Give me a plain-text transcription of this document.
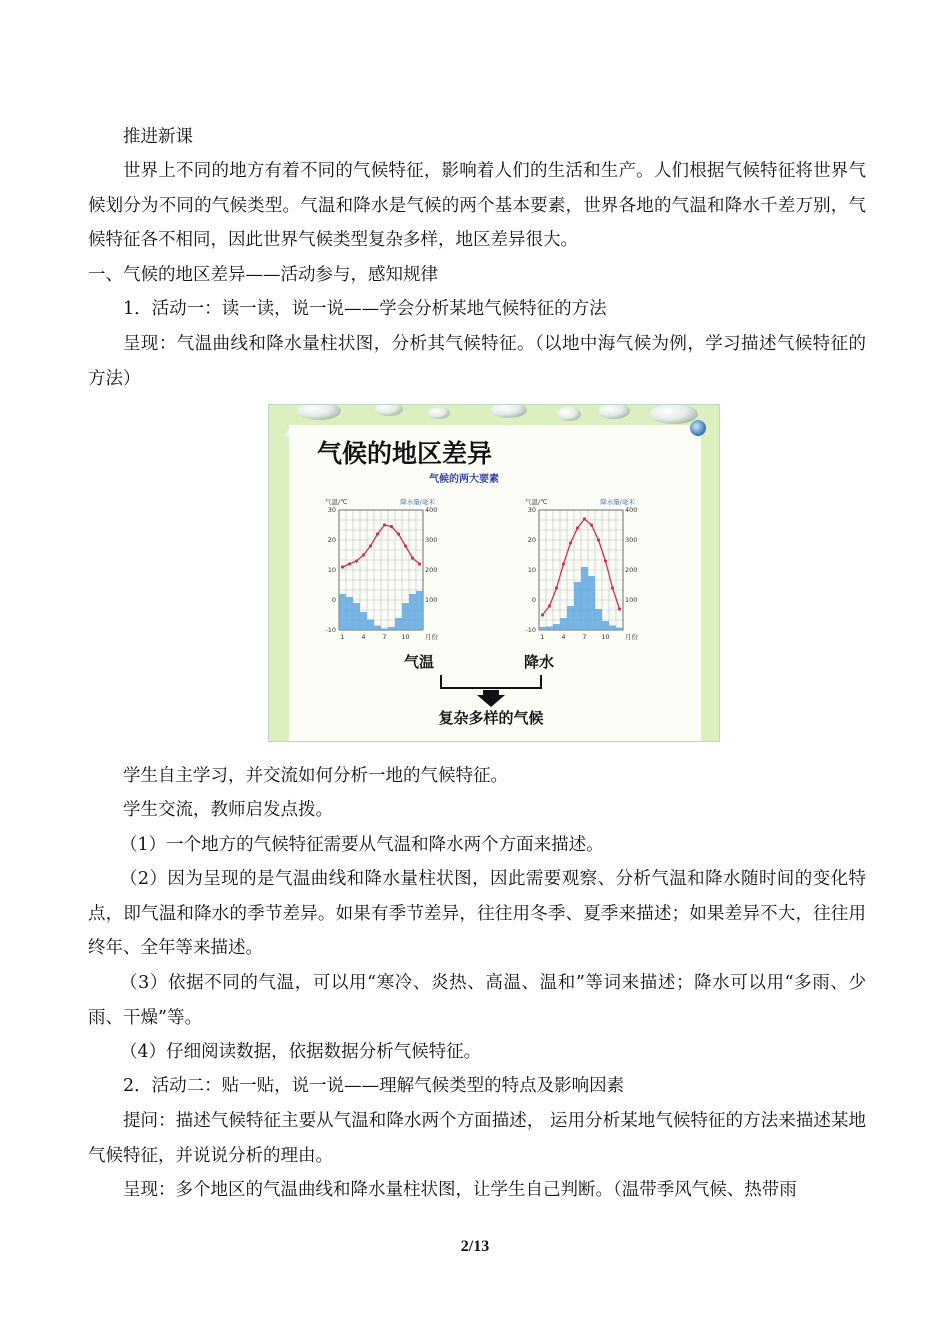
推进新课

世界上不同的地方有着不同的气候特征，影响着人们的生活和生产。人们根据气候特征将世界气候划分为不同的气候类型。气温和降水是气候的两个基本要素，世界各地的气温和降水千差万别，气候特征各不相同，因此世界气候类型复杂多样，地区差异很大。

一、气候的地区差异——活动参与，感知规律

1．活动一：读一读，说一说——学会分析某地气候特征的方法

呈现：气温曲线和降水量柱状图，分析其气候特征。（以地中海气候为例，学习描述气候特征的方法）

气候的地区差异
气候的两大要素
气温/℃	降水量/毫米
30
20
10
0
-10
400
300
200
100
1	4	7 10 月份
气温/℃	降水量/毫米
30
20
10
0
-10
400
300
200
100
1	4	7 10 月份
气温	降水
复杂多样的气候

学生自主学习，并交流如何分析一地的气候特征。

学生交流，教师启发点拨。

（1）一个地方的气候特征需要从气温和降水两个方面来描述。

（2）因为呈现的是气温曲线和降水量柱状图，因此需要观察、分析气温和降水随时间的变化特点，即气温和降水的季节差异。如果有季节差异，往往用冬季、夏季来描述；如果差异不大，往往用终年、全年等来描述。

（3）依据不同的气温，可以用“寒冷、炎热、高温、温和”等词来描述；降水可以用“多雨、少雨、干燥”等。

（4）仔细阅读数据，依据数据分析气候特征。

2．活动二：贴一贴，说一说——理解气候类型的特点及影响因素

提问：描述气候特征主要从气温和降水两个方面描述， 运用分析某地气候特征的方法来描述某地气候特征，并说说分析的理由。

呈现：多个地区的气温曲线和降水量柱状图，让学生自己判断。（温带季风气候、热带雨

2/13
